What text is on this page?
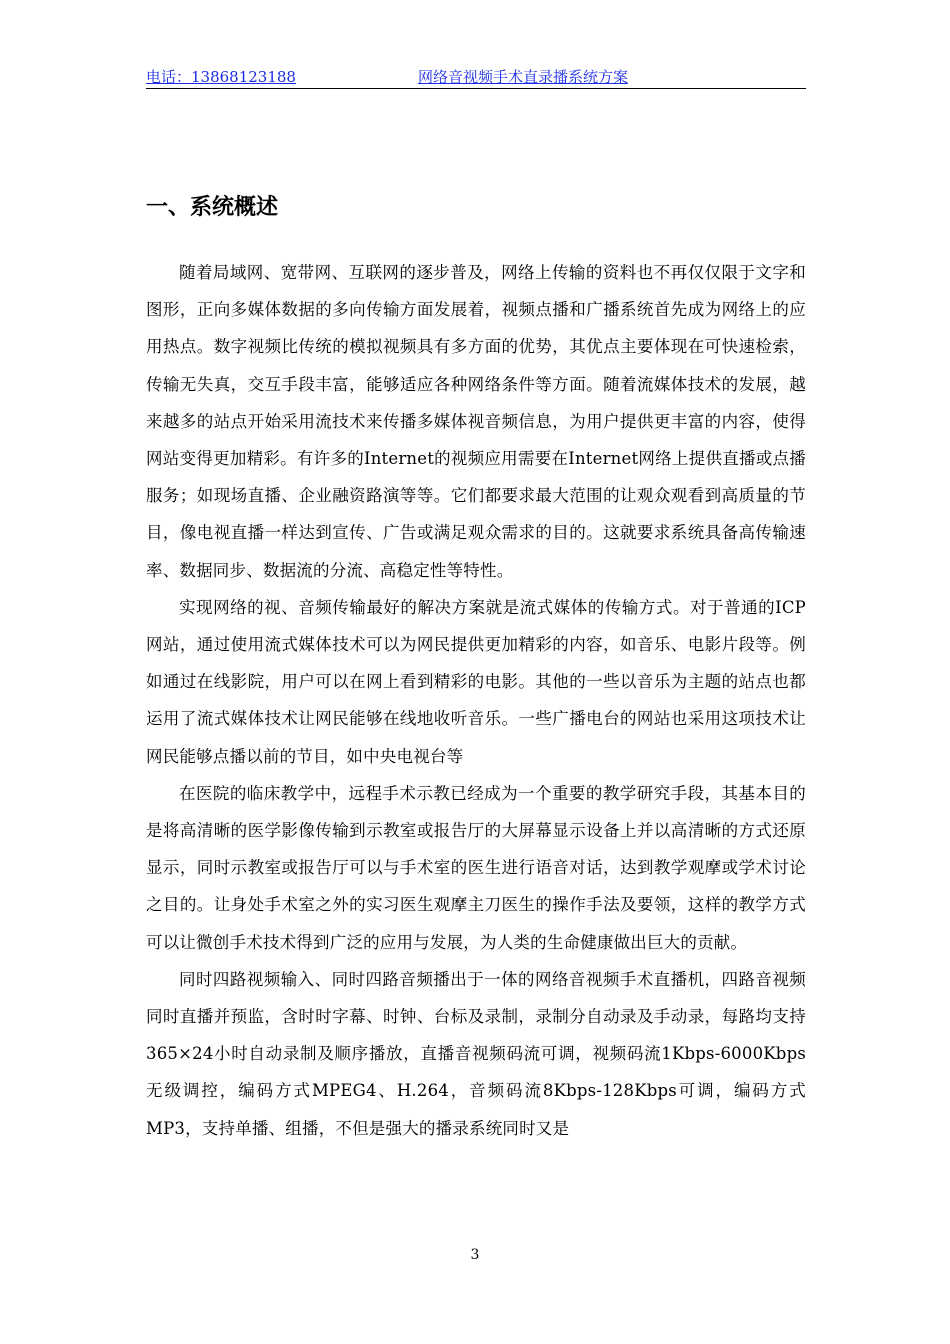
电话：13868123188	网络音视频手术直录播系统方案
一、系统概述

随着局域网、宽带网、互联网的逐步普及，网络上传输的资料也不再仅仅限于文字和图形，正向多媒体数据的多向传输方面发展着，视频点播和广播系统首先成为网络上的应用热点。数字视频比传统的模拟视频具有多方面的优势，其优点主要体现在可快速检索，传输无失真，交互手段丰富，能够适应各种网络条件等方面。随着流媒体技术的发展，越来越多的站点开始采用流技术来传播多媒体视音频信息，为用户提供更丰富的内容，使得网站变得更加精彩。有许多的Internet的视频应用需要在Internet网络上提供直播或点播服务；如现场直播、企业融资路演等等。它们都要求最大范围的让观众观看到高质量的节目，像电视直播一样达到宣传、广告或满足观众需求的目的。这就要求系统具备高传输速率、数据同步、数据流的分流、高稳定性等特性。

实现网络的视、音频传输最好的解决方案就是流式媒体的传输方式。对于普通的ICP网站，通过使用流式媒体技术可以为网民提供更加精彩的内容，如音乐、电影片段等。例如通过在线影院，用户可以在网上看到精彩的电影。其他的一些以音乐为主题的站点也都运用了流式媒体技术让网民能够在线地收听音乐。一些广播电台的网站也采用这项技术让网民能够点播以前的节目，如中央电视台等

在医院的临床教学中，远程手术示教已经成为一个重要的教学研究手段，其基本目的是将高清晰的医学影像传输到示教室或报告厅的大屏幕显示设备上并以高清晰的方式还原显示，同时示教室或报告厅可以与手术室的医生进行语音对话，达到教学观摩或学术讨论之目的。让身处手术室之外的实习医生观摩主刀医生的操作手法及要领，这样的教学方式可以让微创手术技术得到广泛的应用与发展，为人类的生命健康做出巨大的贡献。

同时四路视频输入、同时四路音频播出于一体的网络音视频手术直播机，四路音视频同时直播并预监，含时时字幕、时钟、台标及录制，录制分自动录及手动录，每路均支持365×24小时自动录制及顺序播放，直播音视频码流可调，视频码流1Kbps-6000Kbps无级调控，编码方式MPEG4、H.264，音频码流8Kbps-128Kbps可调，编码方式MP3，支持单播、组播，不但是强大的播录系统同时又是

3
